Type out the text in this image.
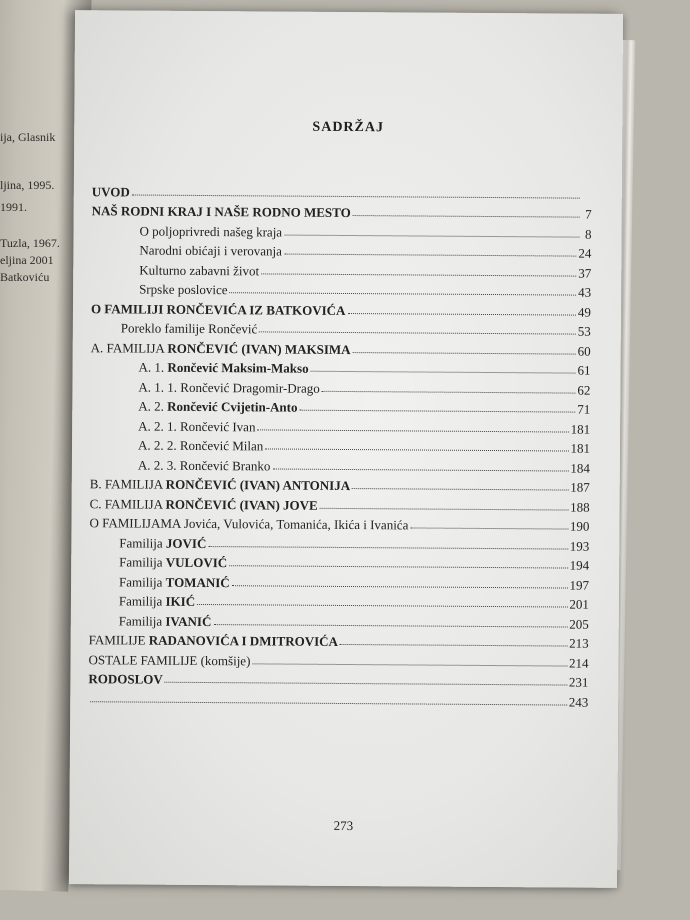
ija, Glasnik
ljina, 1995.
1991.
Tuzla, 1967.
eljina 2001
Batkoviću
SADRŽAJ
UVOD
NAŠ RODNI KRAJ I NAŠE RODNO MESTO	7
O poljoprivredi našeg kraja	8
Narodni obićaji i verovanja	24
Kulturno zabavni život	37
Srpske poslovice	43
O FAMILIJI RONČEVIĆA IZ BATKOVIĆA	49
Poreklo familije Rončević	53
A. FAMILIJA RONČEVIĆ (IVAN) MAKSIMA	60
A. 1. Rončević Maksim-Makso	61
A. 1. 1. Rončević Dragomir-Drago	62
A. 2. Rončević Cvijetin-Anto	71
A. 2. 1. Rončević Ivan	181
A. 2. 2. Rončević Milan	181
A. 2. 3. Rončević Branko	184
B. FAMILIJA RONČEVIĆ (IVAN) ANTONIJA	187
C. FAMILIJA RONČEVIĆ (IVAN) JOVE	188
O FAMILIJAMA Jovića, Vulovića, Tomanića, Ikića i Ivanića	190
Familija JOVIĆ	193
Familija VULOVIĆ	194
Familija TOMANIĆ	197
Familija IKIĆ	201
Familija IVANIĆ	205
FAMILIJE RADANOVIĆA I DMITROVIĆA	213
OSTALE FAMILIJE (komšije)	214
RODOSLOV	231
243
273
